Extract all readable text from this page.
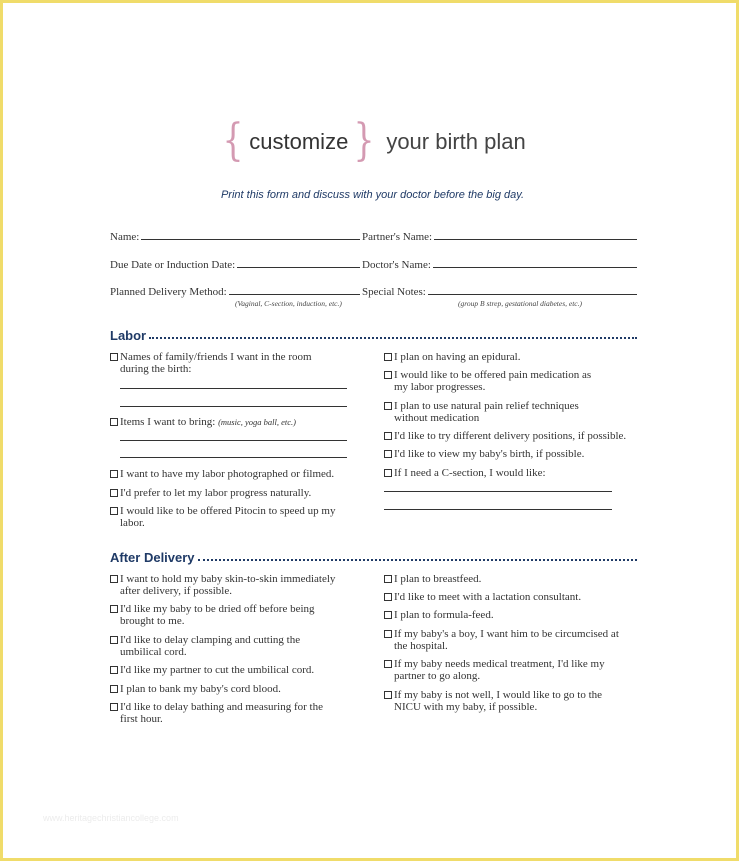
{ customize } your birth plan
Print this form and discuss with your doctor before the big day.
Name:	Partner's Name:
Due Date or Induction Date:	Doctor's Name:
Planned Delivery Method:
(Vaginal, C-section, induction, etc.)
Special Notes:
(group B strep, gestational diabetes, etc.)
Labor
Names of family/friends I want in the room during the birth:
Items I want to bring: (music, yoga ball, etc.)
I want to have my labor photographed or filmed.
I'd prefer to let my labor progress naturally.
I would like to be offered Pitocin to speed up my labor.
I plan on having an epidural.
I would like to be offered pain medication as my labor progresses.
I plan to use natural pain relief techniques without medication
I'd like to try different delivery positions, if possible.
I'd like to view my baby's birth, if possible.
If I need a C-section, I would like:
After Delivery
I want to hold my baby skin-to-skin immediately after delivery, if possible.
I'd like my baby to be dried off before being brought to me.
I'd like to delay clamping and cutting the umbilical cord.
I'd like my partner to cut the umbilical cord.
I plan to bank my baby's cord blood.
I'd like to delay bathing and measuring for the first hour.
I plan to breastfeed.
I'd like to meet with a lactation consultant.
I plan to formula-feed.
If my baby's a boy, I want him to be circumcised at the hospital.
If my baby needs medical treatment, I'd like my partner to go along.
If my baby is not well, I would like to go to the NICU with my baby, if possible.
www.heritagechristiancollege.com
